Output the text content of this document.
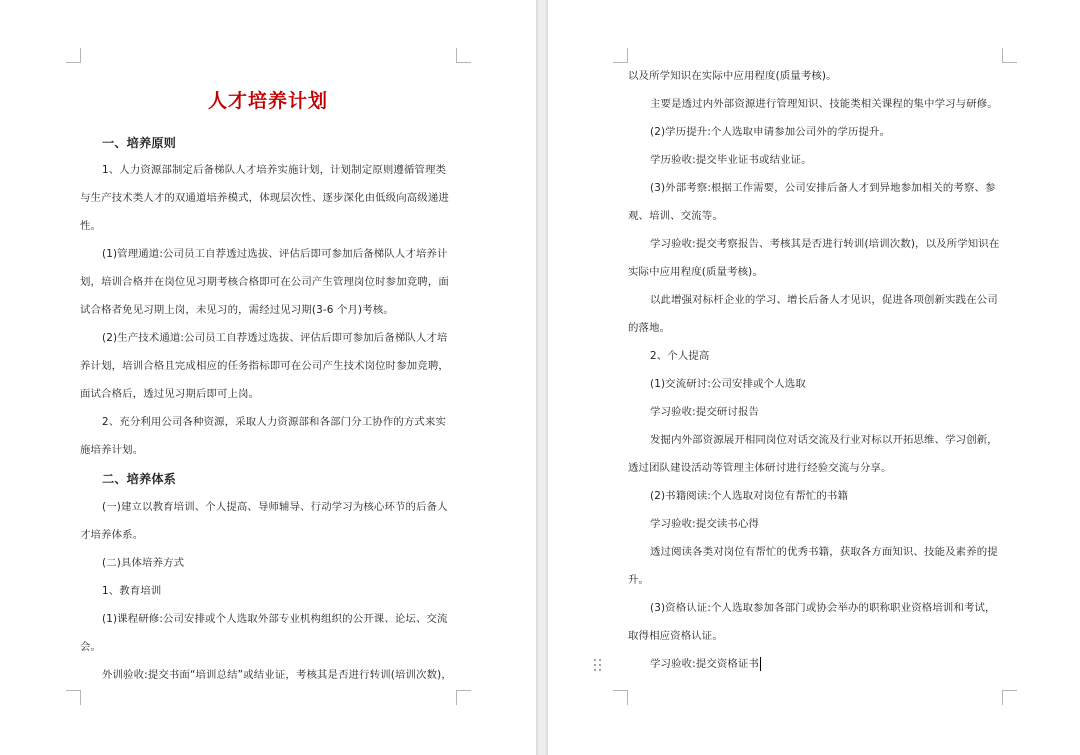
人才培养计划
一、培养原则
1、人力资源部制定后备梯队人才培养实施计划，计划制定原则遵循管理类
与生产技术类人才的双通道培养模式，体现层次性、逐步深化由低级向高级递进
性。
(1)管理通道:公司员工自荐透过选拔、评估后即可参加后备梯队人才培养计
划，培训合格并在岗位见习期考核合格即可在公司产生管理岗位时参加竞聘，面
试合格者免见习期上岗，未见习的，需经过见习期(3-6 个月)考核。
(2)生产技术通道:公司员工自荐透过选拔、评估后即可参加后备梯队人才培
养计划，培训合格且完成相应的任务指标即可在公司产生技术岗位时参加竞聘，
面试合格后，透过见习期后即可上岗。
2、充分利用公司各种资源，采取人力资源部和各部门分工协作的方式来实
施培养计划。
二、培养体系
(一)建立以教育培训、个人提高、导师辅导、行动学习为核心环节的后备人
才培养体系。
(二)具体培养方式
1、教育培训
(1)课程研修:公司安排或个人选取外部专业机构组织的公开课、论坛、交流
会。
外训验收:提交书面“培训总结”或结业证，考核其是否进行转训(培训次数)，
以及所学知识在实际中应用程度(质量考核)。
主要是透过内外部资源进行管理知识、技能类相关课程的集中学习与研修。
(2)学历提升:个人选取申请参加公司外的学历提升。
学历验收:提交毕业证书或结业证。
(3)外部考察:根据工作需要，公司安排后备人才到异地参加相关的考察、参
观、培训、交流等。
学习验收:提交考察报告、考核其是否进行转训(培训次数)，以及所学知识在
实际中应用程度(质量考核)。
以此增强对标杆企业的学习、增长后备人才见识，促进各项创新实践在公司
的落地。
2、个人提高
(1)交流研讨:公司安排或个人选取
学习验收:提交研讨报告
发掘内外部资源展开相同岗位对话交流及行业对标以开拓思维、学习创新，
透过团队建设活动等管理主体研讨进行经验交流与分享。
(2)书籍阅读:个人选取对岗位有帮忙的书籍
学习验收:提交读书心得
透过阅读各类对岗位有帮忙的优秀书籍，获取各方面知识、技能及素养的提
升。
(3)资格认证:个人选取参加各部门或协会举办的职称职业资格培训和考试，
取得相应资格认证。
学习验收:提交资格证书
